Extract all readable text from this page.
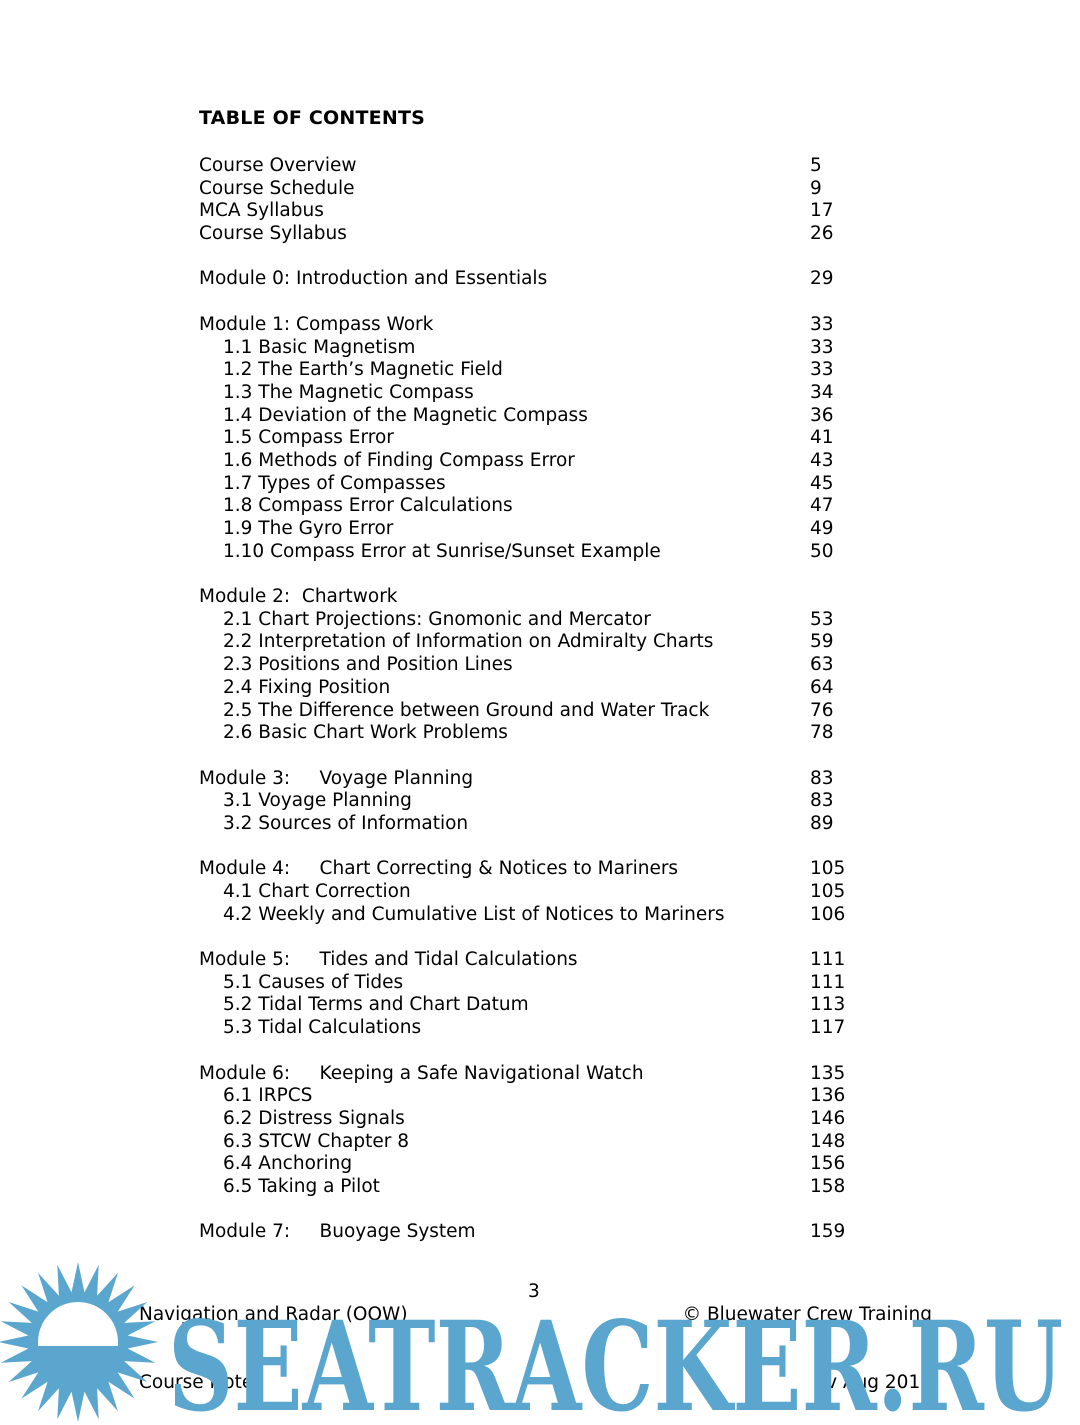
TABLE OF CONTENTS
Course Overview	5
Course Schedule	9
MCA Syllabus	17
Course Syllabus	26
Module 0: Introduction and Essentials	29
Module 1: Compass Work	33
1.1 Basic Magnetism	33
1.2 The Earth’s Magnetic Field	33
1.3 The Magnetic Compass	34
1.4 Deviation of the Magnetic Compass	36
1.5 Compass Error	41
1.6 Methods of Finding Compass Error	43
1.7 Types of Compasses	45
1.8 Compass Error Calculations	47
1.9 The Gyro Error	49
1.10 Compass Error at Sunrise/Sunset Example	50
Module 2:  Chartwork
2.1 Chart Projections: Gnomonic and Mercator	53
2.2 Interpretation of Information on Admiralty Charts	59
2.3 Positions and Position Lines	63
2.4 Fixing Position	64
2.5 The Difference between Ground and Water Track	76
2.6 Basic Chart Work Problems	78
Module 3:     Voyage Planning	83
3.1 Voyage Planning	83
3.2 Sources of Information	89
Module 4:     Chart Correcting & Notices to Mariners	105
4.1 Chart Correction	105
4.2 Weekly and Cumulative List of Notices to Mariners	106
Module 5:     Tides and Tidal Calculations	111
5.1 Causes of Tides	111
5.2 Tidal Terms and Chart Datum	113
5.3 Tidal Calculations	117
Module 6:     Keeping a Safe Navigational Watch	135
6.1 IRPCS	136
6.2 Distress Signals	146
6.3 STCW Chapter 8	148
6.4 Anchoring	156
6.5 Taking a Pilot	158
Module 7:     Buoyage System	159

Navigation and Radar (OOW)

Course Notes

3

© Bluewater Crew Training

v Aug 2019

SEATRACKER.RU
